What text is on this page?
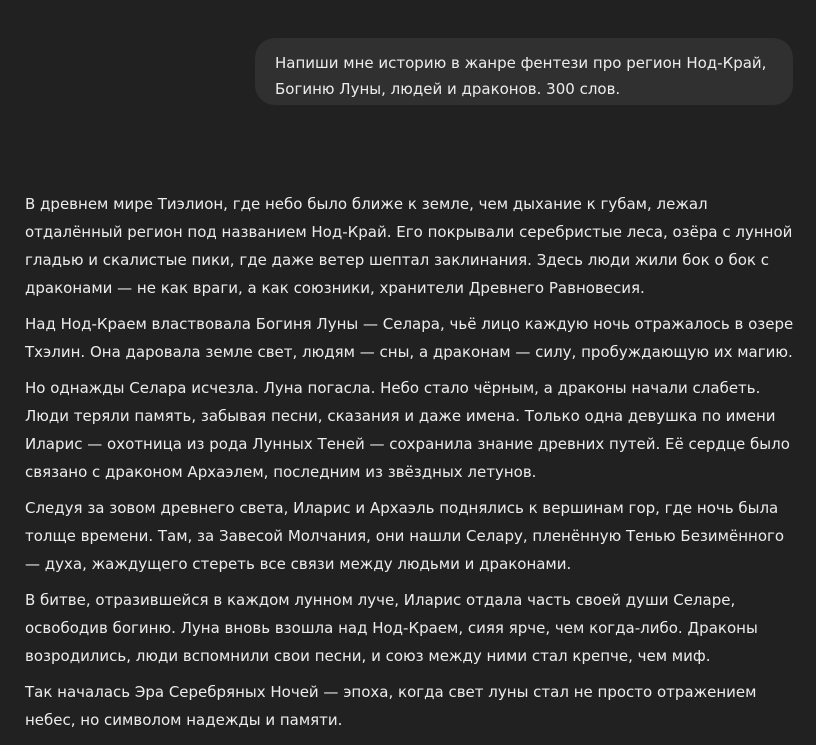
Напиши мне историю в жанре фентези про регион Нод-Край, Богиню Луны, людей и драконов. 300 слов.

В древнем мире Тиэлион, где небо было ближе к земле, чем дыхание к губам, лежал отдалённый регион под названием Нод-Край. Его покрывали серебристые леса, озёра с лунной гладью и скалистые пики, где даже ветер шептал заклинания. Здесь люди жили бок о бок с драконами — не как враги, а как союзники, хранители Древнего Равновесия.

Над Нод-Краем властвовала Богиня Луны — Селара, чьё лицо каждую ночь отражалось в озере Тхэлин. Она даровала земле свет, людям — сны, а драконам — силу, пробуждающую их магию.

Но однажды Селара исчезла. Луна погасла. Небо стало чёрным, а драконы начали слабеть. Люди теряли память, забывая песни, сказания и даже имена. Только одна девушка по имени Иларис — охотница из рода Лунных Теней — сохранила знание древних путей. Её сердце было связано с драконом Архаэлем, последним из звёздных летунов.

Следуя за зовом древнего света, Иларис и Архаэль поднялись к вершинам гор, где ночь была толще времени. Там, за Завесой Молчания, они нашли Селару, пленённую Тенью Безимённого — духа, жаждущего стереть все связи между людьми и драконами.

В битве, отразившейся в каждом лунном луче, Иларис отдала часть своей души Селаре, освободив богиню. Луна вновь взошла над Нод-Краем, сияя ярче, чем когда-либо. Драконы возродились, люди вспомнили свои песни, и союз между ними стал крепче, чем миф.

Так началась Эра Серебряных Ночей — эпоха, когда свет луны стал не просто отражением небес, но символом надежды и памяти.
